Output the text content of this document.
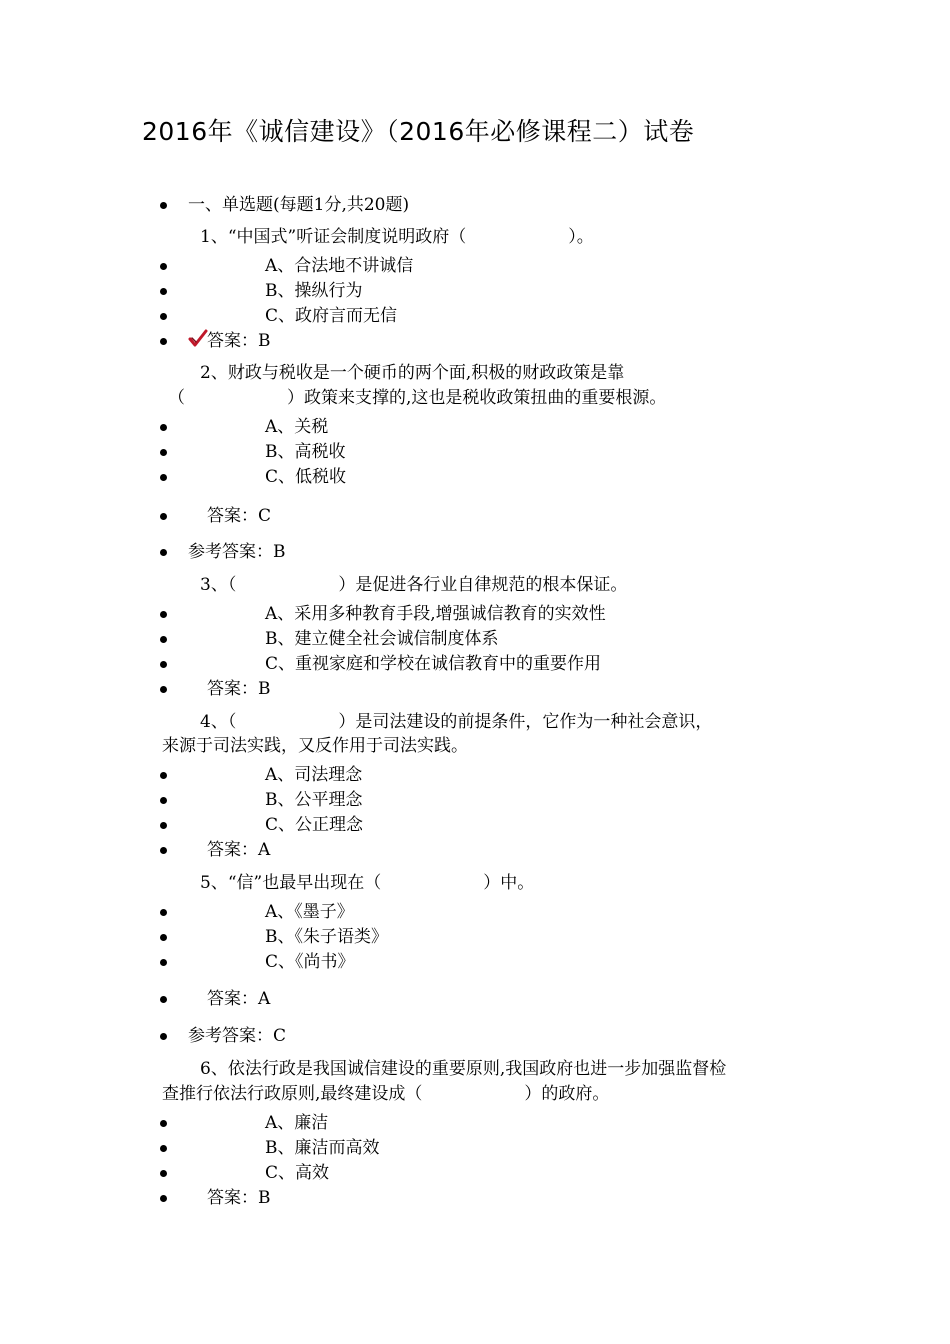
2016年《诚信建设》（2016年必修课程二）试卷
一、单选题(每题1分,共20题)
1、“中国式”听证会制度说明政府（　　　　　　）。
A、合法地不讲诚信
B、操纵行为
C、政府言而无信
答案：B
2、财政与税收是一个硬币的两个面,积极的财政政策是靠
（　　　　　　）政策来支撑的,这也是税收政策扭曲的重要根源。
A、关税
B、高税收
C、低税收
答案：C
参考答案：B
3、（　　　　　　）是促进各行业自律规范的根本保证。
A、采用多种教育手段,增强诚信教育的实效性
B、建立健全社会诚信制度体系
C、重视家庭和学校在诚信教育中的重要作用
答案：B
4、（　　　　　　）是司法建设的前提条件，它作为一种社会意识，
来源于司法实践，又反作用于司法实践。
A、司法理念
B、公平理念
C、公正理念
答案：A
5、“信”也最早出现在（　　　　　　）中。
A、《墨子》
B、《朱子语类》
C、《尚书》
答案：A
参考答案：C
6、依法行政是我国诚信建设的重要原则,我国政府也进一步加强监督检
查推行依法行政原则,最终建设成（　　　　　　）的政府。
A、廉洁
B、廉洁而高效
C、高效
答案：B
